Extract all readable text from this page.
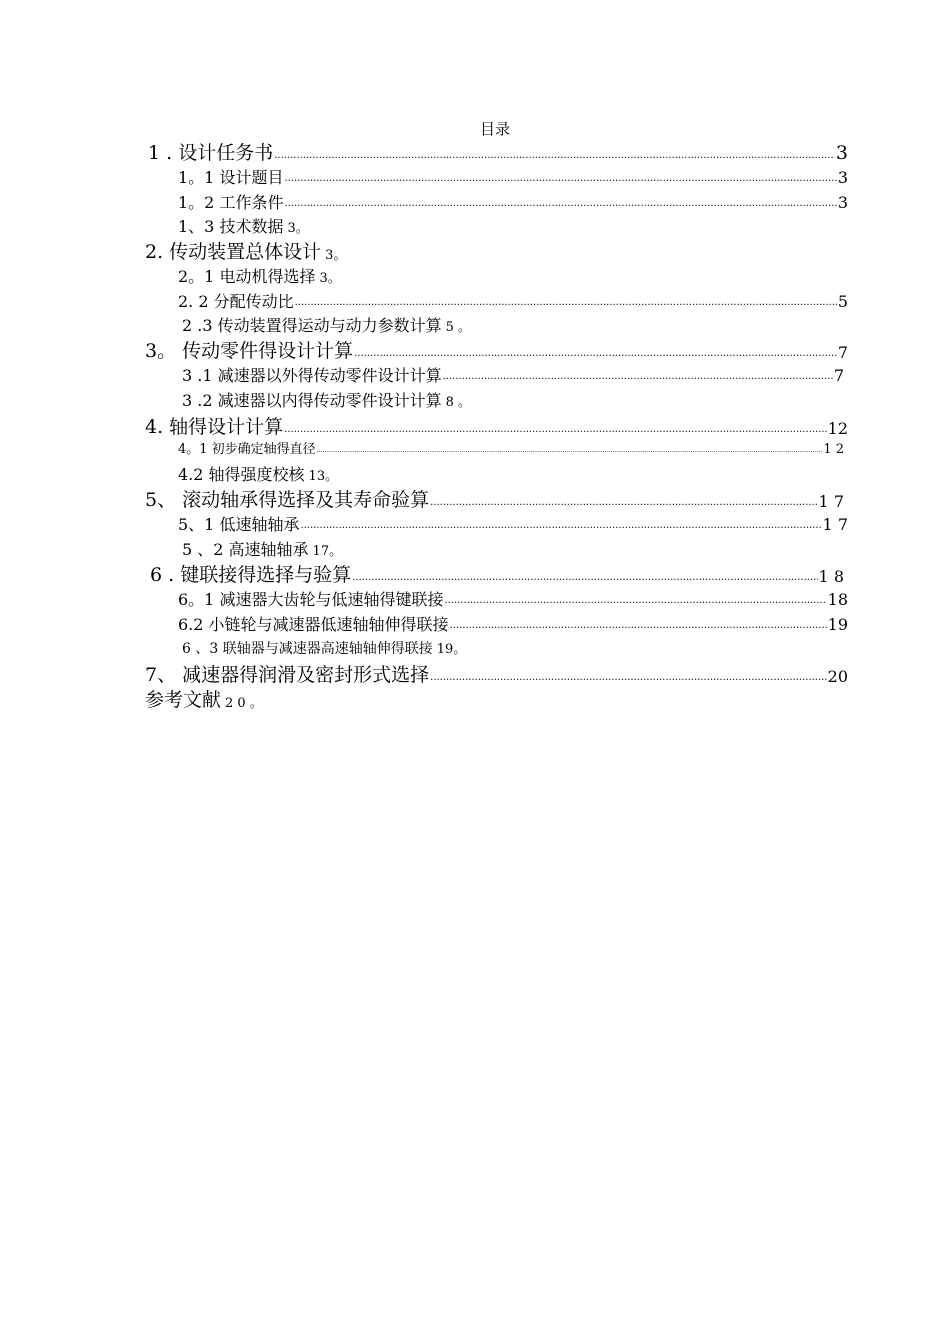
目录
1 . 设计任务书 .....	3
1。1 设计题目 .....	3
1。2 工作条件 .....	3
1、3 技术数据 3。
2. 传动装置总体设计 3。
2。1 电动机得选择 3。
2. 2 分配传动比 .....	5
2 .3 传动装置得运动与动力参数计算 5 。
3。 传动零件得设计计算 .....	7
3 .1 减速器以外得传动零件设计计算 .....	7
3 .2 减速器以内得传动零件设计计算 8 。
4. 轴得设计计算 .....	12
4。1 初步确定轴得直径 .....	1 2
4.2 轴得强度校核 13。
5、 滚动轴承得选择及其寿命验算 .....	1 7
5、1 低速轴轴承 .....	1 7
5 、2 高速轴轴承 17。
6 . 键联接得选择与验算 .....	1 8
6。1 减速器大齿轮与低速轴得键联接 .....	18
6.2 小链轮与减速器低速轴轴伸得联接 .....	19
6 、3 联轴器与减速器高速轴轴伸得联接 19。
7、 减速器得润滑及密封形式选择 .....	20
参考文献 2 0 。
